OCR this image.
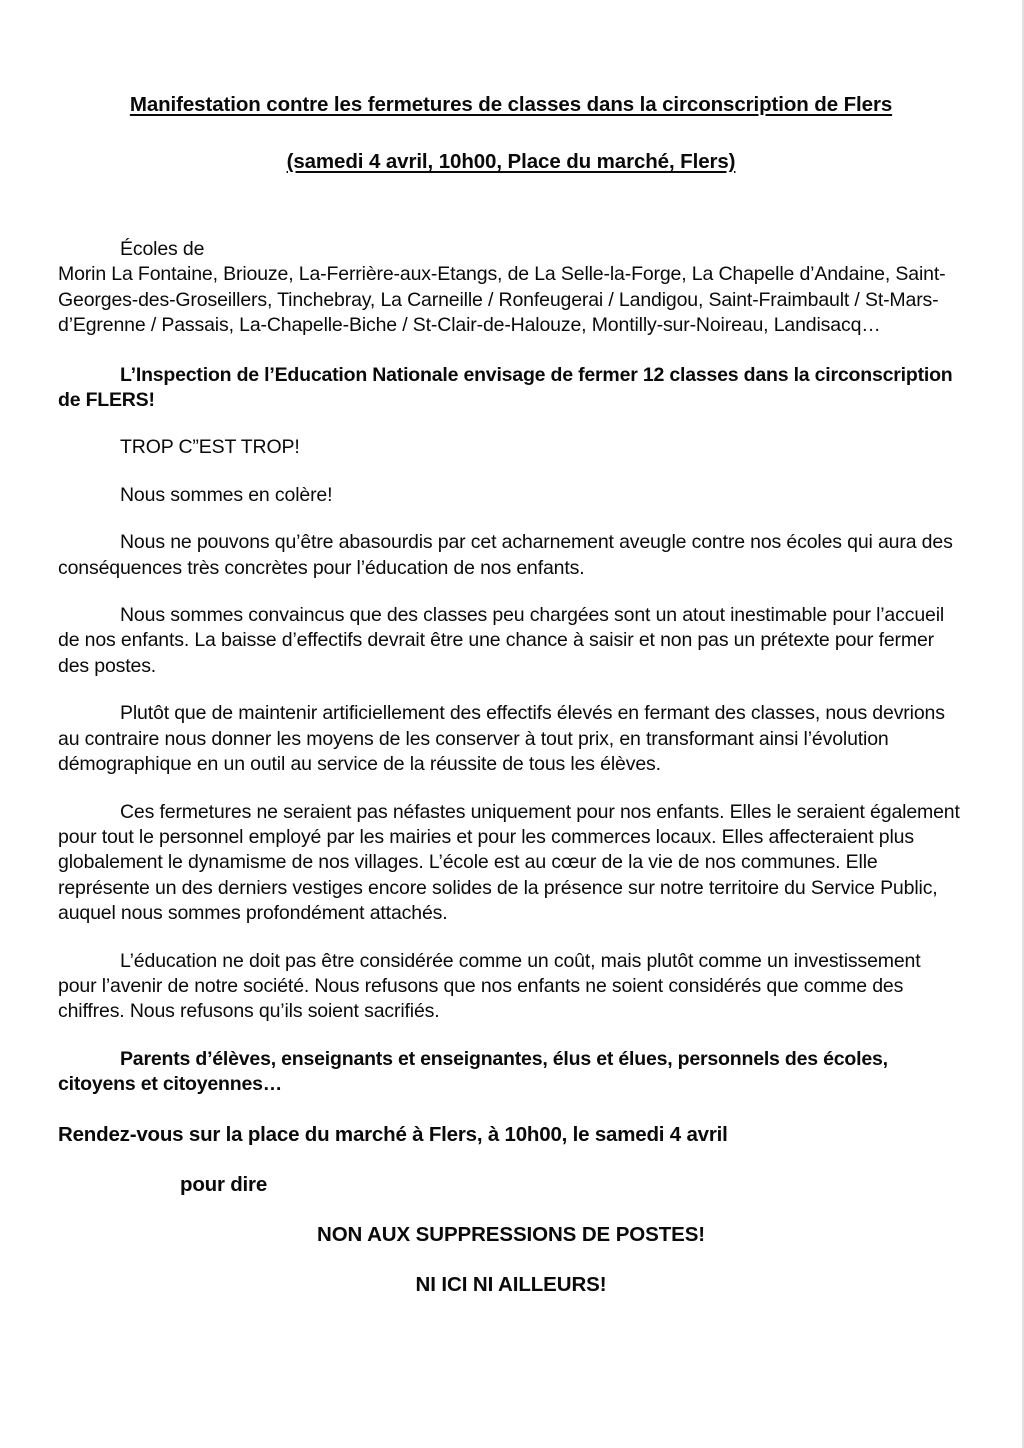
Manifestation contre les fermetures de classes dans la circonscription de Flers
(samedi 4 avril, 10h00, Place du marché, Flers)

Écoles de

Morin La Fontaine, Briouze, La-Ferrière-aux-Etangs, de La Selle-la-Forge, La Chapelle d’Andaine, Saint-Georges-des-Groseillers, Tinchebray, La Carneille / Ronfeugerai / Landigou, Saint-Fraimbault / St-Mars-d’Egrenne / Passais, La-Chapelle-Biche / St-Clair-de-Halouze, Montilly-sur-Noireau, Landisacq…

L’Inspection de l’Education Nationale envisage de fermer 12 classes dans la circonscription de FLERS!

TROP C”EST TROP!

Nous sommes en colère!

Nous ne pouvons qu’être abasourdis par cet acharnement aveugle contre nos écoles qui aura des conséquences très concrètes pour l’éducation de nos enfants.

Nous sommes convaincus que des classes peu chargées sont un atout inestimable pour l’accueil de nos enfants. La baisse d’effectifs devrait être une chance à saisir et non pas un prétexte pour fermer des postes.

Plutôt que de maintenir artificiellement des effectifs élevés en fermant des classes, nous devrions au contraire nous donner les moyens de les conserver à tout prix, en transformant ainsi l’évolution démographique en un outil au service de la réussite de tous les élèves.

Ces fermetures ne seraient pas néfastes uniquement pour nos enfants. Elles le seraient également pour tout le personnel employé par les mairies et pour les commerces locaux. Elles affecteraient plus globalement le dynamisme de nos villages. L’école est au cœur de la vie de nos communes. Elle représente un des derniers vestiges encore solides de la présence sur notre territoire du Service Public, auquel nous sommes profondément attachés.

L’éducation ne doit pas être considérée comme un coût, mais plutôt comme un investissement pour l’avenir de notre société. Nous refusons que nos enfants ne soient considérés que comme des chiffres. Nous refusons qu’ils soient sacrifiés.

Parents d’élèves, enseignants et enseignantes, élus et élues, personnels des écoles, citoyens et citoyennes…

Rendez-vous sur la place du marché à Flers, à 10h00, le samedi 4 avril

pour dire

NON AUX SUPPRESSIONS DE POSTES!

NI ICI NI AILLEURS!
